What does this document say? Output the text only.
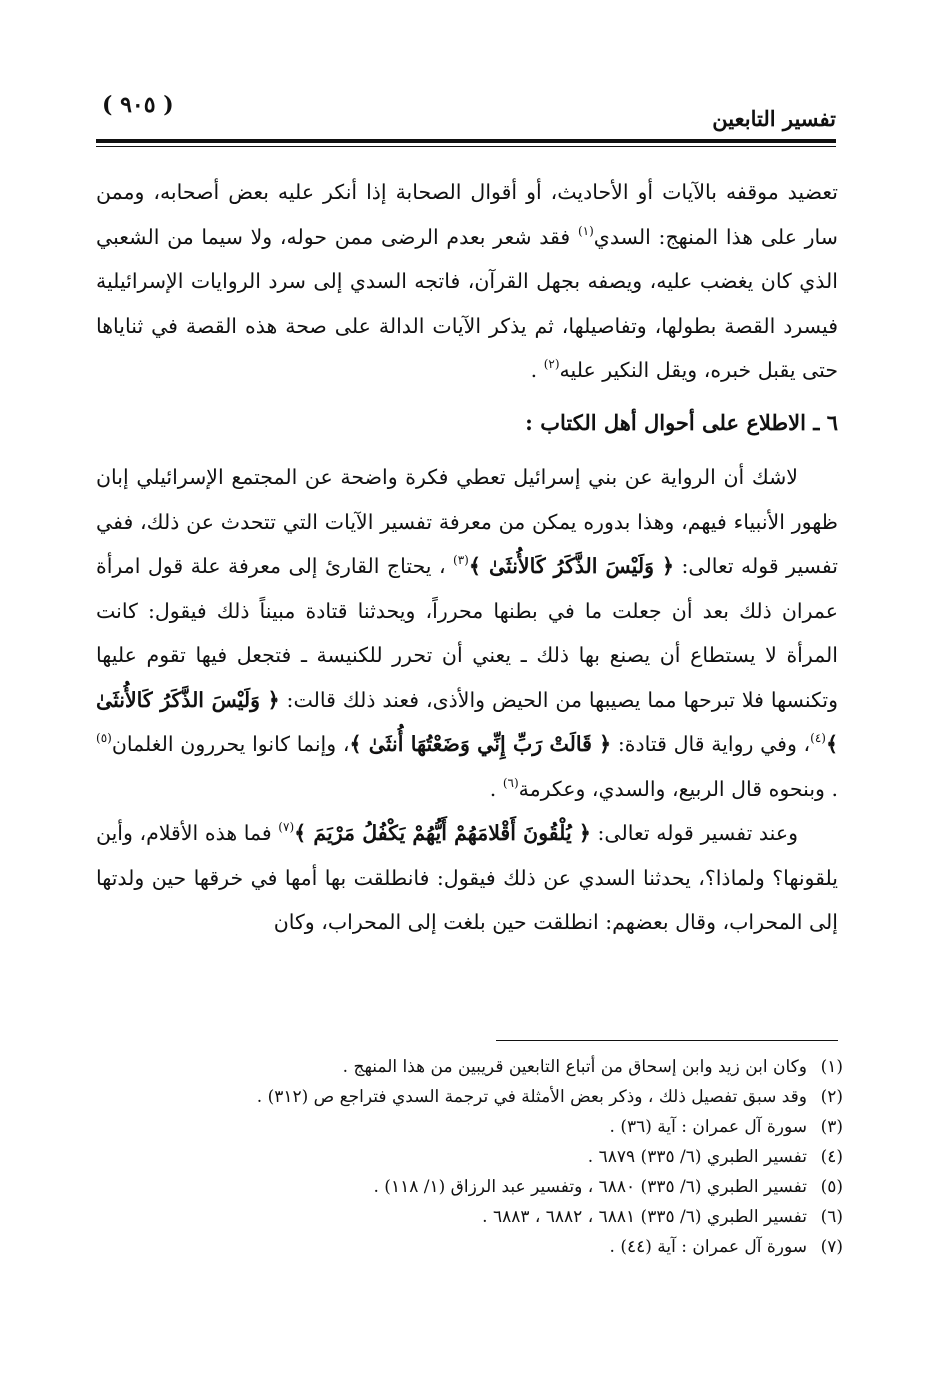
تفسير التابعين
( ٩٠٥ )

تعضيد موقفه بالآيات أو الأحاديث، أو أقوال الصحابة إذا أنكر عليه بعض أصحابه، وممن سار على هذا المنهج: السدي$^{(١)}$ فقد شعر بعدم الرضى ممن حوله، ولا سيما من الشعبي الذي كان يغضب عليه، ويصفه بجهل القرآن، فاتجه السدي إلى سرد الروايات الإسرائيلية فيسرد القصة بطولها، وتفاصيلها، ثم يذكر الآيات الدالة على صحة هذه القصة في ثناياها حتى يقبل خبره، ويقل النكير عليه$^{(٢)}$ .

٦ ـ الاطلاع على أحوال أهل الكتاب :

لاشك أن الرواية عن بني إسرائيل تعطي فكرة واضحة عن المجتمع الإسرائيلي إبان ظهور الأنبياء فيهم، وهذا بدوره يمكن من معرفة تفسير الآيات التي تتحدث عن ذلك، ففي تفسير قوله تعالى: ﴿ وَلَيْسَ الذَّكَرُ كَالأُنثَىٰ ﴾$^{(٣)}$ ، يحتاج القارئ إلى معرفة علة قول امرأة عمران ذلك بعد أن جعلت ما في بطنها محرراً، ويحدثنا قتادة مبيناً ذلك فيقول: كانت المرأة لا يستطاع أن يصنع بها ذلك ـ يعني أن تحرر للكنيسة ـ فتجعل فيها تقوم عليها وتكنسها فلا تبرحها مما يصيبها من الحيض والأذى، فعند ذلك قالت: ﴿ وَلَيْسَ الذَّكَرُ كَالأُنثَىٰ ﴾$^{(٤)}$، وفي رواية قال قتادة: ﴿ قَالَتْ رَبِّ إِنِّي وَضَعْتُهَا أُنثَىٰ ﴾، وإنما كانوا يحررون الغلمان$^{(٥)}$ . وبنحوه قال الربيع، والسدي، وعكرمة$^{(٦)}$ .

وعند تفسير قوله تعالى: ﴿ يُلْقُونَ أَقْلامَهُمْ أَيُّهُمْ يَكْفُلُ مَرْيَمَ ﴾$^{(٧)}$ فما هذه الأقلام، وأين يلقونها؟ ولماذا؟، يحدثنا السدي عن ذلك فيقول: فانطلقت بها أمها في خرقها حين ولدتها إلى المحراب، وقال بعضهم: انطلقت حين بلغت إلى المحراب، وكان

(١)وكان ابن زيد وابن إسحاق من أتباع التابعين قريبين من هذا المنهج .
(٢)وقد سبق تفصيل ذلك ، وذكر بعض الأمثلة في ترجمة السدي فتراجع ص (٣١٢) .
(٣)سورة آل عمران : آية (٣٦) .
(٤)تفسير الطبري (٦/ ٣٣٥) ٦٨٧٩ .
(٥)تفسير الطبري (٦/ ٣٣٥) ٦٨٨٠ ، وتفسير عبد الرزاق (١/ ١١٨) .
(٦)تفسير الطبري (٦/ ٣٣٥) ٦٨٨١ ، ٦٨٨٢ ، ٦٨٨٣ .
(٧)سورة آل عمران : آية (٤٤) .
